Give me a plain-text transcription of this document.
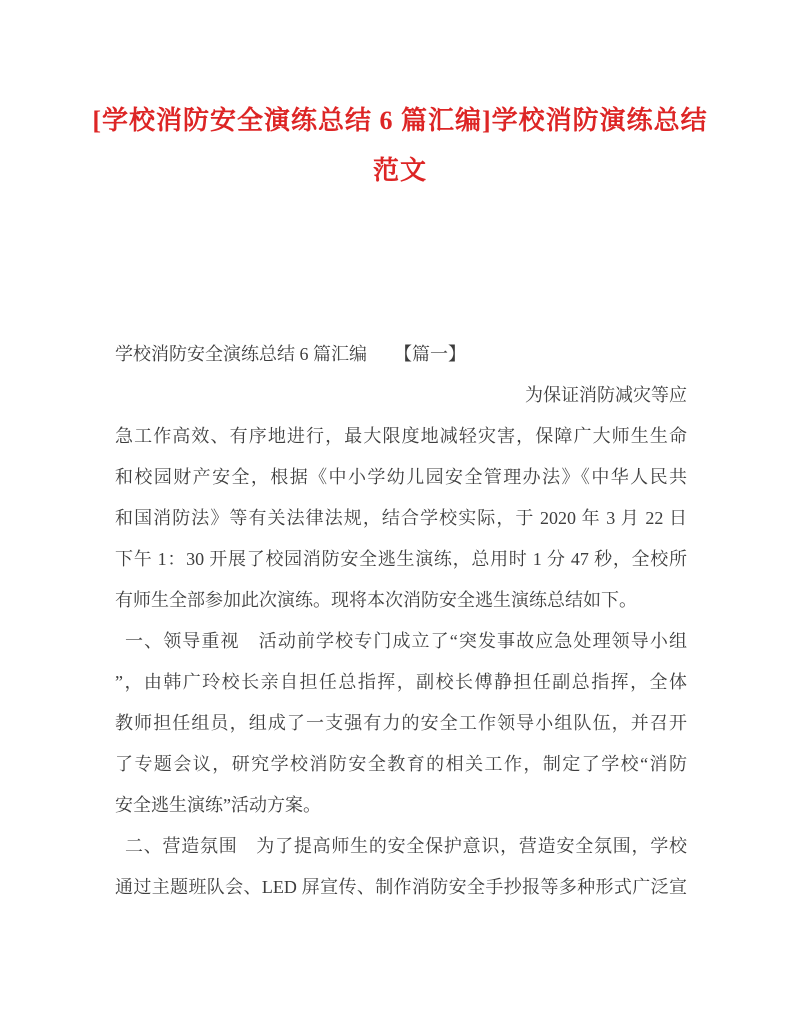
[学校消防安全演练总结 6 篇汇编]学校消防演练总结
范文
学校消防安全演练总结 6 篇汇编　　【篇一】
为保证消防减灾等应
急工作高效、有序地进行，最大限度地减轻灾害，保障广大师生生命
和校园财产安全，根据《中小学幼儿园安全管理办法》《中华人民共
和国消防法》等有关法律法规，结合学校实际，于 2020 年 3 月 22 日
下午 1：30 开展了校园消防安全逃生演练，总用时 1 分 47 秒，全校所
有师生全部参加此次演练。现将本次消防安全逃生演练总结如下。
一、领导重视　活动前学校专门成立了“突发事故应急处理领导小组
”，由韩广玲校长亲自担任总指挥，副校长傅静担任副总指挥，全体
教师担任组员，组成了一支强有力的安全工作领导小组队伍，并召开
了专题会议，研究学校消防安全教育的相关工作，制定了学校“消防
安全逃生演练”活动方案。
二、营造氛围　为了提高师生的安全保护意识，营造安全氛围，学校
通过主题班队会、LED 屏宣传、制作消防安全手抄报等多种形式广泛宣
